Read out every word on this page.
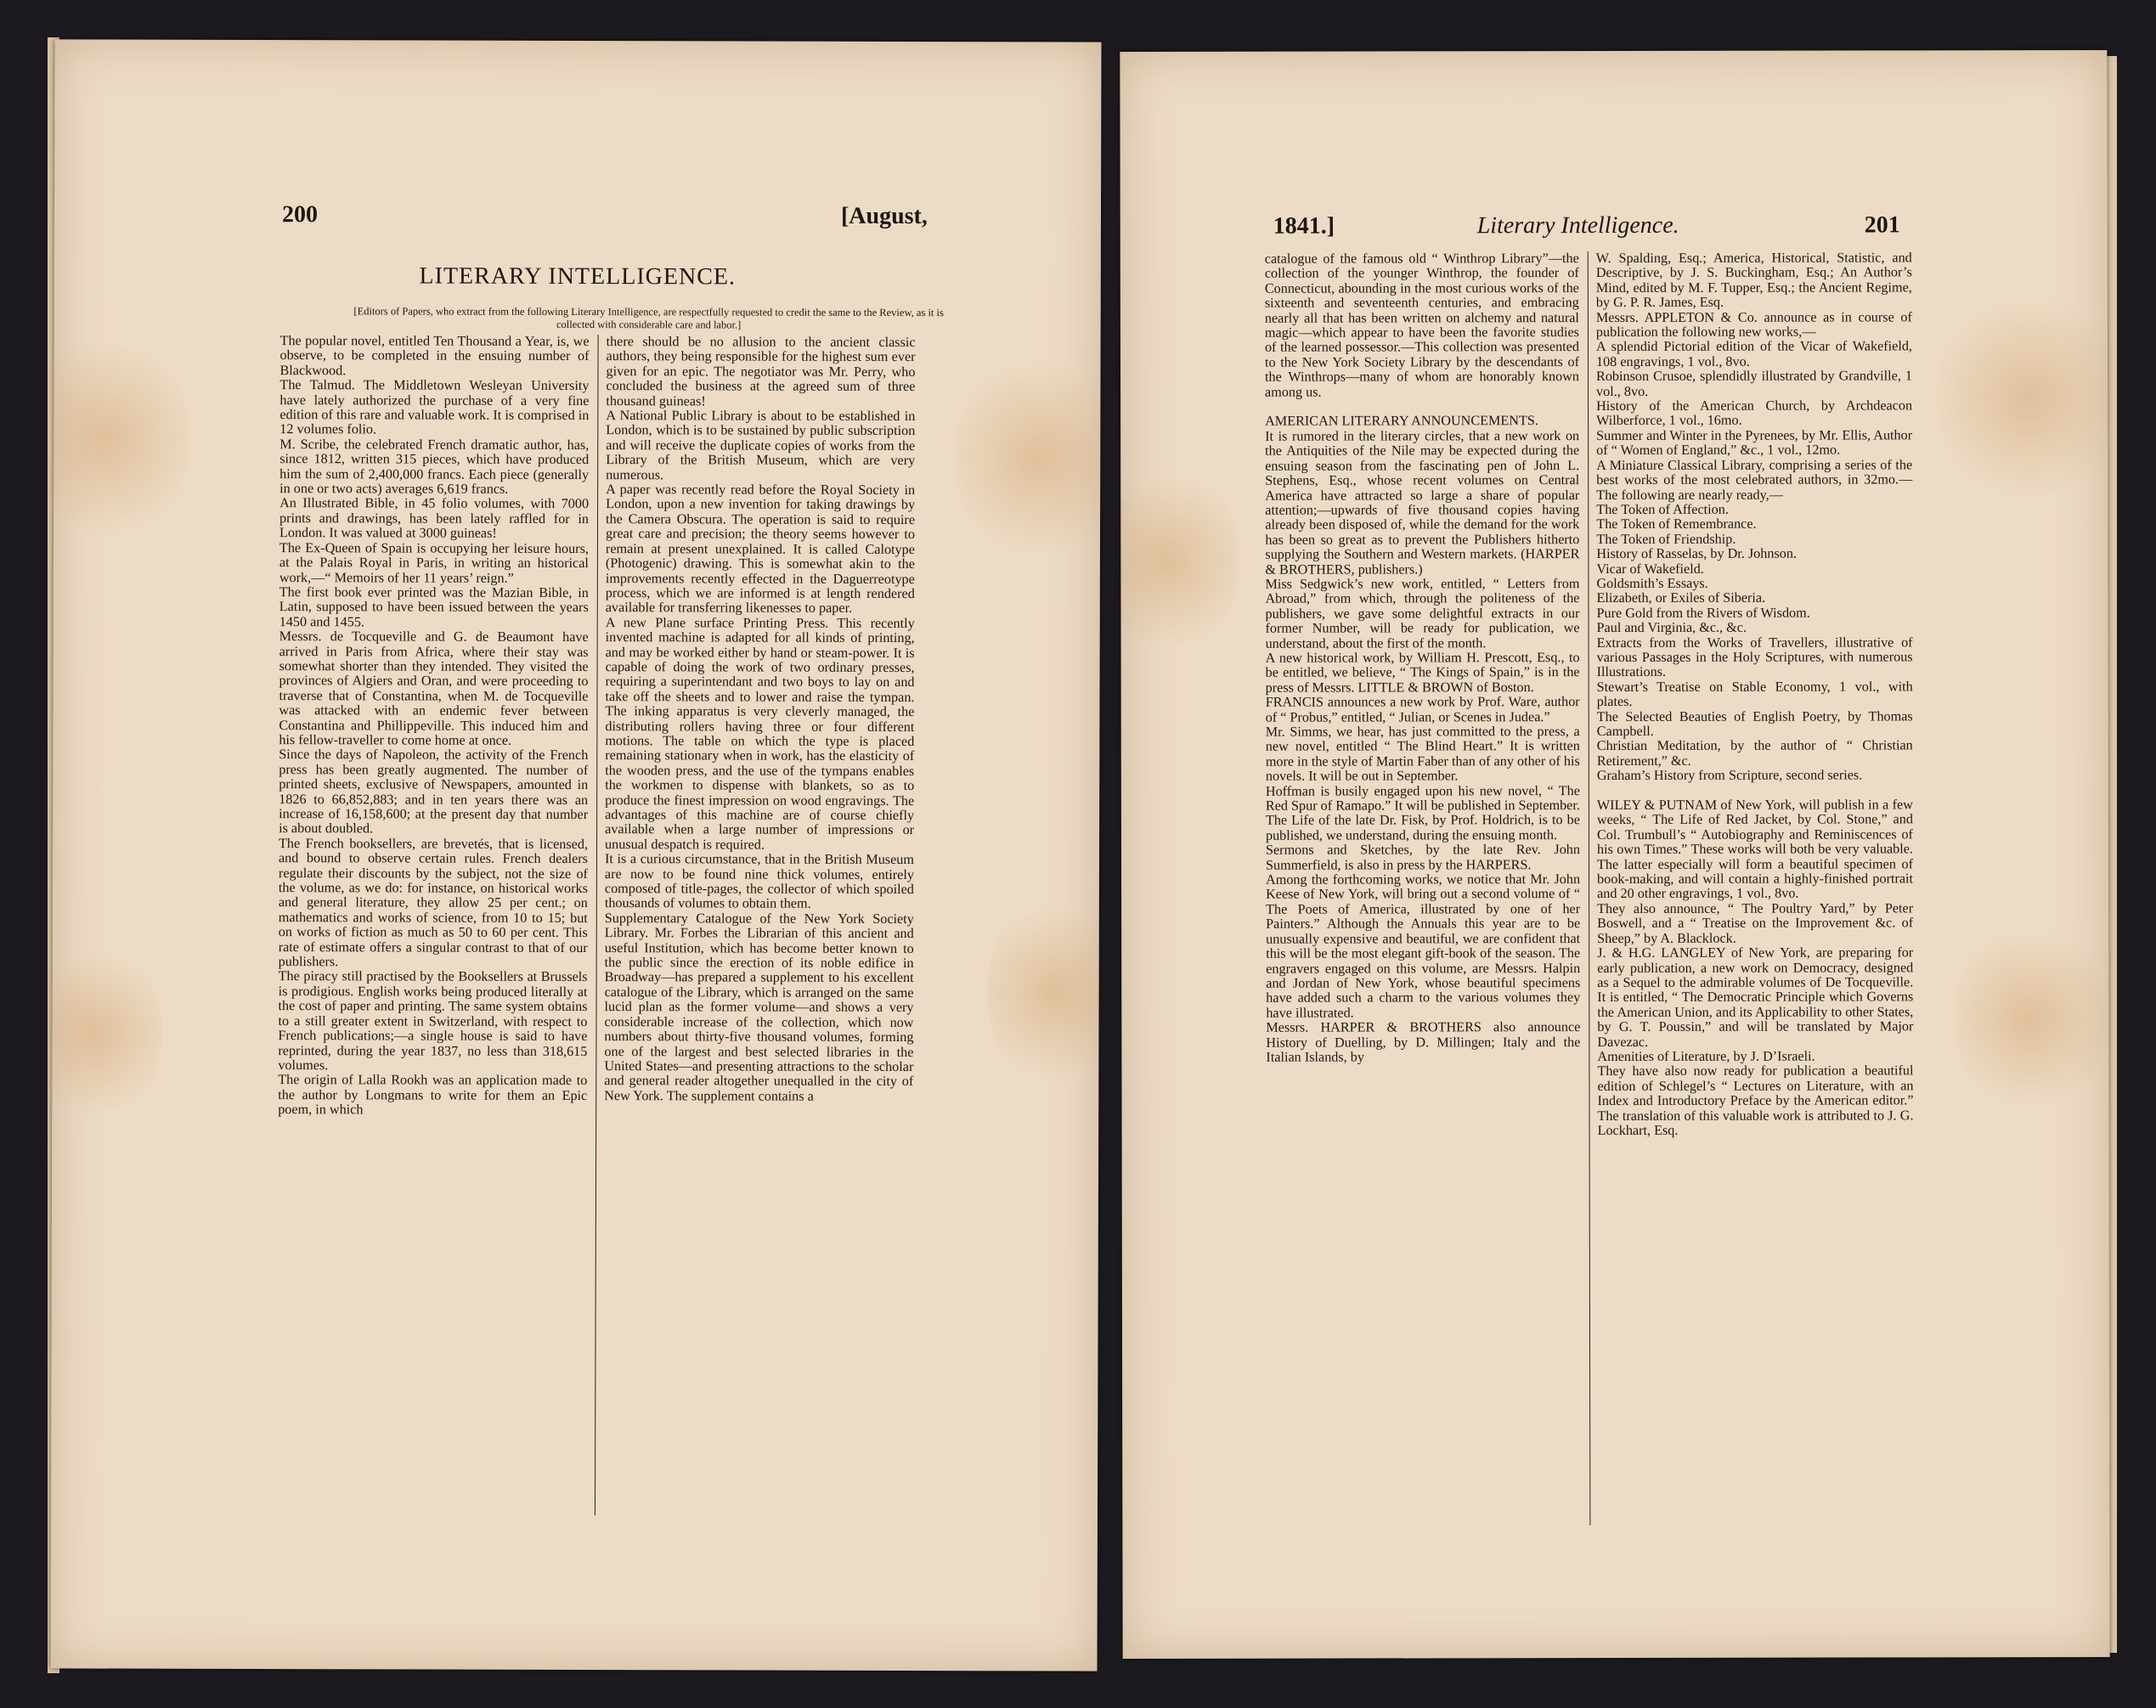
200	[August,
LITERARY INTELLIGENCE.
[Editors of Papers, who extract from the following Literary Intelligence, are respectfully requested to credit the same to the Review, as it is collected with considerable care and labor.]
The popular novel, entitled Ten Thousand a Year, is, we observe, to be completed in the ensuing number of Blackwood.
The Talmud. The Middletown Wesleyan University have lately authorized the purchase of a very fine edition of this rare and valuable work. It is comprised in 12 volumes folio.
M. Scribe, the celebrated French dramatic author, has, since 1812, written 315 pieces, which have produced him the sum of 2,400,000 francs. Each piece (generally in one or two acts) averages 6,619 francs.
An Illustrated Bible, in 45 folio volumes, with 7000 prints and drawings, has been lately raffled for in London. It was valued at 3000 guineas!
The Ex-Queen of Spain is occupying her leisure hours, at the Palais Royal in Paris, in writing an historical work,—“ Memoirs of her 11 years’ reign.”
The first book ever printed was the Mazian Bible, in Latin, supposed to have been issued between the years 1450 and 1455.
Messrs. de Tocqueville and G. de Beaumont have arrived in Paris from Africa, where their stay was somewhat shorter than they intended. They visited the provinces of Algiers and Oran, and were proceeding to traverse that of Constantina, when M. de Tocqueville was attacked with an endemic fever between Constantina and Phillippeville. This induced him and his fellow-traveller to come home at once.
Since the days of Napoleon, the activity of the French press has been greatly augmented. The number of printed sheets, exclusive of Newspapers, amounted in 1826 to 66,852,883; and in ten years there was an increase of 16,158,600; at the present day that number is about doubled.
The French booksellers, are brevetés, that is licensed, and bound to observe certain rules. French dealers regulate their discounts by the subject, not the size of the volume, as we do: for instance, on historical works and general literature, they allow 25 per cent.; on mathematics and works of science, from 10 to 15; but on works of fiction as much as 50 to 60 per cent. This rate of estimate offers a singular contrast to that of our publishers.
The piracy still practised by the Booksellers at Brussels is prodigious. English works being produced literally at the cost of paper and printing. The same system obtains to a still greater extent in Switzerland, with respect to French publications;—a single house is said to have reprinted, during the year 1837, no less than 318,615 volumes.
The origin of Lalla Rookh was an application made to the author by Longmans to write for them an Epic poem, in which
there should be no allusion to the ancient classic authors, they being responsible for the highest sum ever given for an epic. The negotiator was Mr. Perry, who concluded the business at the agreed sum of three thousand guineas!
A National Public Library is about to be established in London, which is to be sustained by public subscription and will receive the duplicate copies of works from the Library of the British Museum, which are very numerous.
A paper was recently read before the Royal Society in London, upon a new invention for taking drawings by the Camera Obscura. The operation is said to require great care and precision; the theory seems however to remain at present unexplained. It is called Calotype (Photogenic) drawing. This is somewhat akin to the improvements recently effected in the Daguerreotype process, which we are informed is at length rendered available for transferring likenesses to paper.
A new Plane surface Printing Press. This recently invented machine is adapted for all kinds of printing, and may be worked either by hand or steam-power. It is capable of doing the work of two ordinary presses, requiring a superintendant and two boys to lay on and take off the sheets and to lower and raise the tympan. The inking apparatus is very cleverly managed, the distributing rollers having three or four different motions. The table on which the type is placed remaining stationary when in work, has the elasticity of the wooden press, and the use of the tympans enables the workmen to dispense with blankets, so as to produce the finest impression on wood engravings. The advantages of this machine are of course chiefly available when a large number of impressions or unusual despatch is required.
It is a curious circumstance, that in the British Museum are now to be found nine thick volumes, entirely composed of title-pages, the collector of which spoiled thousands of volumes to obtain them.
Supplementary Catalogue of the New York Society Library. Mr. Forbes the Librarian of this ancient and useful Institution, which has become better known to the public since the erection of its noble edifice in Broadway—has prepared a supplement to his excellent catalogue of the Library, which is arranged on the same lucid plan as the former volume—and shows a very considerable increase of the collection, which now numbers about thirty-five thousand volumes, forming one of the largest and best selected libraries in the United States—and presenting attractions to the scholar and general reader altogether unequalled in the city of New York. The supplement contains a
1841.]	Literary Intelligence.	201
catalogue of the famous old “ Winthrop Library”—the collection of the younger Winthrop, the founder of Connecticut, abounding in the most curious works of the sixteenth and seventeenth centuries, and embracing nearly all that has been written on alchemy and natural magic—which appear to have been the favorite studies of the learned possessor.—This collection was presented to the New York Society Library by the descendants of the Winthrops—many of whom are honorably known among us.

AMERICAN LITERARY ANNOUNCEMENTS.
It is rumored in the literary circles, that a new work on the Antiquities of the Nile may be expected during the ensuing season from the fascinating pen of John L. Stephens, Esq., whose recent volumes on Central America have attracted so large a share of popular attention;—upwards of five thousand copies having already been disposed of, while the demand for the work has been so great as to prevent the Publishers hitherto supplying the Southern and Western markets. (HARPER & BROTHERS, publishers.)
Miss Sedgwick’s new work, entitled, “ Letters from Abroad,” from which, through the politeness of the publishers, we gave some delightful extracts in our former Number, will be ready for publication, we understand, about the first of the month.
A new historical work, by William H. Prescott, Esq., to be entitled, we believe, “ The Kings of Spain,” is in the press of Messrs. LITTLE & BROWN of Boston.
FRANCIS announces a new work by Prof. Ware, author of “ Probus,” entitled, “ Julian, or Scenes in Judea.”
Mr. Simms, we hear, has just committed to the press, a new novel, entitled “ The Blind Heart.” It is written more in the style of Martin Faber than of any other of his novels. It will be out in September.
Hoffman is busily engaged upon his new novel, “ The Red Spur of Ramapo.” It will be published in September.
The Life of the late Dr. Fisk, by Prof. Holdrich, is to be published, we understand, during the ensuing month.
Sermons and Sketches, by the late Rev. John Summerfield, is also in press by the HARPERS.
Among the forthcoming works, we notice that Mr. John Keese of New York, will bring out a second volume of “ The Poets of America, illustrated by one of her Painters.” Although the Annuals this year are to be unusually expensive and beautiful, we are confident that this will be the most elegant gift-book of the season. The engravers engaged on this volume, are Messrs. Halpin and Jordan of New York, whose beautiful specimens have added such a charm to the various volumes they have illustrated.
Messrs. HARPER & BROTHERS also announce History of Duelling, by D. Millingen; Italy and the Italian Islands, by
W. Spalding, Esq.; America, Historical, Statistic, and Descriptive, by J. S. Buckingham, Esq.; An Author’s Mind, edited by M. F. Tupper, Esq.; the Ancient Regime, by G. P. R. James, Esq.
Messrs. APPLETON & Co. announce as in course of publication the following new works,—
A splendid Pictorial edition of the Vicar of Wakefield, 108 engravings, 1 vol., 8vo.
Robinson Crusoe, splendidly illustrated by Grandville, 1 vol., 8vo.
History of the American Church, by Archdeacon Wilberforce, 1 vol., 16mo.
Summer and Winter in the Pyrenees, by Mr. Ellis, Author of “ Women of England,” &c., 1 vol., 12mo.
A Miniature Classical Library, comprising a series of the best works of the most celebrated authors, in 32mo.—The following are nearly ready,—
The Token of Affection.
The Token of Remembrance.
The Token of Friendship.
History of Rasselas, by Dr. Johnson.
Vicar of Wakefield.
Goldsmith’s Essays.
Elizabeth, or Exiles of Siberia.
Pure Gold from the Rivers of Wisdom.
Paul and Virginia, &c., &c.
Extracts from the Works of Travellers, illustrative of various Passages in the Holy Scriptures, with numerous Illustrations.
Stewart’s Treatise on Stable Economy, 1 vol., with plates.
The Selected Beauties of English Poetry, by Thomas Campbell.
Christian Meditation, by the author of “ Christian Retirement,” &c.
Graham’s History from Scripture, second series.

WILEY & PUTNAM of New York, will publish in a few weeks, “ The Life of Red Jacket, by Col. Stone,” and Col. Trumbull’s “ Autobiography and Reminiscences of his own Times.” These works will both be very valuable. The latter especially will form a beautiful specimen of book-making, and will contain a highly-finished portrait and 20 other engravings, 1 vol., 8vo.
They also announce, “ The Poultry Yard,” by Peter Boswell, and a “ Treatise on the Improvement &c. of Sheep,” by A. Blacklock.
J. & H.G. LANGLEY of New York, are preparing for early publication, a new work on Democracy, designed as a Sequel to the admirable volumes of De Tocqueville. It is entitled, “ The Democratic Principle which Governs the American Union, and its Applicability to other States, by G. T. Poussin,” and will be translated by Major Davezac.
Amenities of Literature, by J. D’Israeli.
They have also now ready for publication a beautiful edition of Schlegel’s “ Lectures on Literature, with an Index and Introductory Preface by the American editor.” The translation of this valuable work is attributed to J. G. Lockhart, Esq.
